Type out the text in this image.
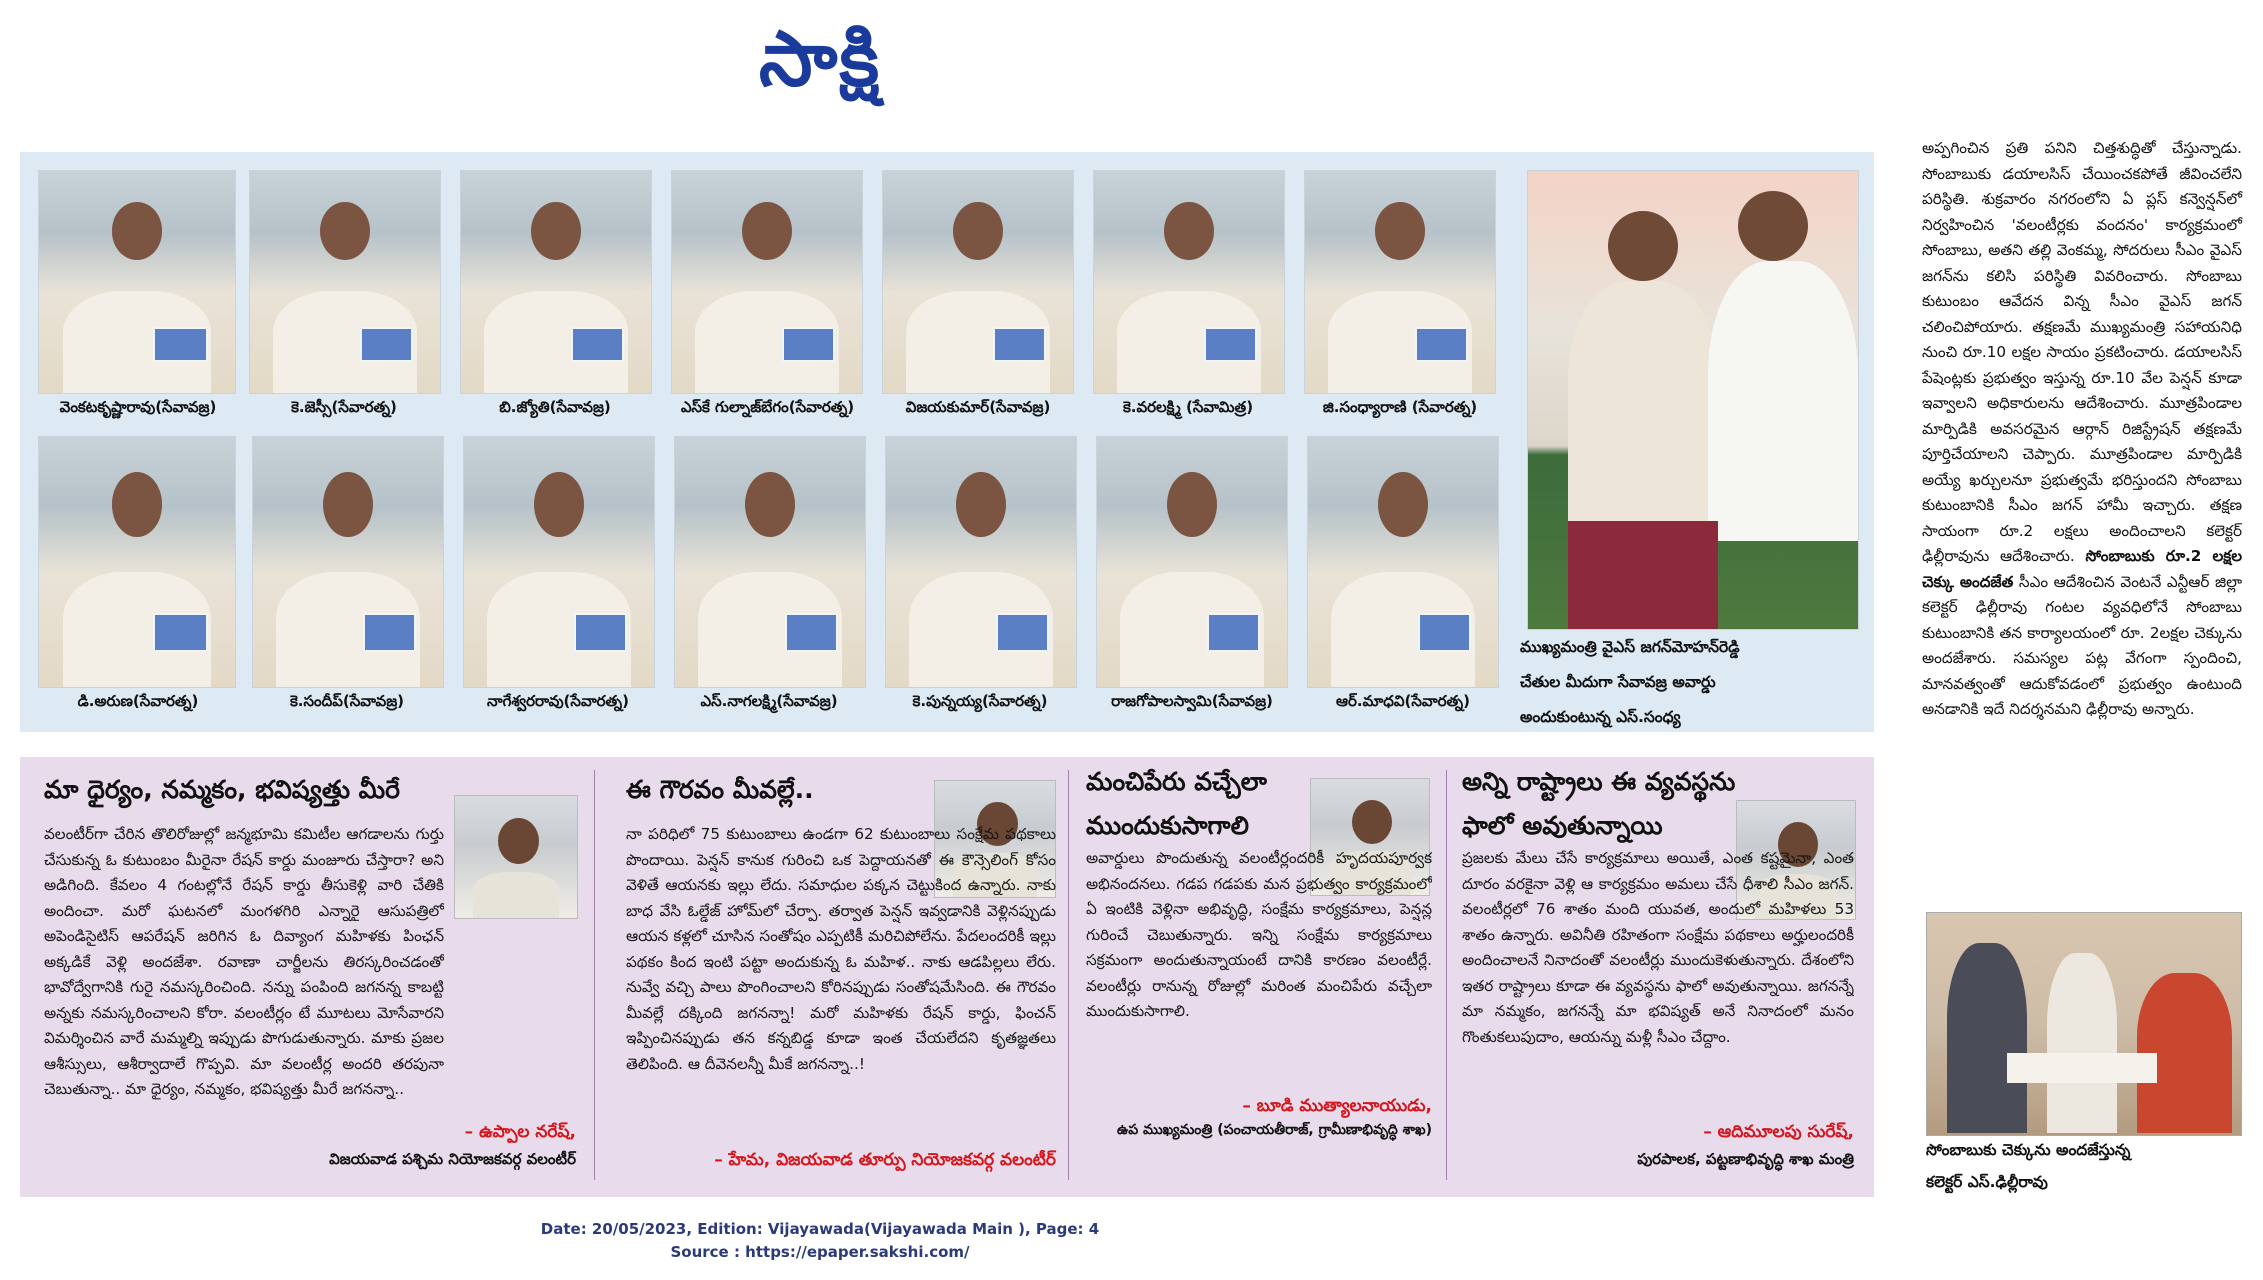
సాక్షి
వెంకటకృష్ణారావు(సేవావజ్ర)	కె.జెస్సీ(సేవారత్న)	బి.జ్యోతి(సేవావజ్ర)	ఎస్‌కే గుల్నాజ్‌బేగం(సేవారత్న)	విజయకుమార్(సేవావజ్ర)	కె.వరలక్ష్మి (సేవామిత్ర)	జి.సంధ్యారాణి (సేవారత్న)
డి.అరుణ(సేవారత్న)	కె.సందీప్(సేవావజ్ర)	నాగేశ్వరరావు(సేవారత్న)	ఎస్.నాగలక్ష్మి(సేవావజ్ర)	కె.పున్నయ్య(సేవారత్న)	రాజగోపాలస్వామి(సేవావజ్ర)	ఆర్.మాధవి(సేవారత్న)
ముఖ్యమంత్రి వైఎస్ జగన్‌మోహన్‌రెడ్డి
చేతుల మీదుగా సేవావజ్ర అవార్డు
అందుకుంటున్న ఎస్.సంధ్య
మా ధైర్యం, నమ్మకం, భవిష్యత్తు మీరే
వలంటీర్‌గా చేరిన తొలిరోజుల్లో జన్మభూమి కమిటీల ఆగడాలను గుర్తు చేసుకున్న ఓ కుటుంబం మీరైనా రేషన్ కార్డు మంజూరు చేస్తారా? అని అడిగింది. కేవలం 4 గంటల్లోనే రేషన్ కార్డు తీసుకెళ్లి వారి చేతికి అందించా. మరో ఘటనలో మంగళగిరి ఎన్నారై ఆసుపత్రిలో అపెండిసైటిస్ ఆపరేషన్ జరిగిన ఓ దివ్యాంగ మహిళకు పింఛన్ అక్కడికే వెళ్లి అందజేశా. రవాణా చార్జీలను తిరస్కరించడంతో భావోద్వేగానికి గురై నమస్కరించింది. నన్ను పంపింది జగనన్న కాబట్టి అన్నకు నమస్కరించాలని కోరా. వలంటీర్లం టే మూటలు మోసేవారని విమర్శించిన వారే మమ్మల్ని ఇప్పుడు పొగుడుతున్నారు. మాకు ప్రజల ఆశీస్సులు, ఆశీర్వాదాలే గొప్పవి. మా వలంటీర్ల అందరి తరపునా చెబుతున్నా.. మా ధైర్యం, నమ్మకం, భవిష్యత్తు మీరే జగనన్నా..
– ఉప్పాల నరేష్,
విజయవాడ పశ్చిమ నియోజకవర్గ వలంటీర్
ఈ గౌరవం మీవల్లే..
నా పరిధిలో 75 కుటుంబాలు ఉండగా 62 కుటుంబాలు సంక్షేమ పథకాలు పొందాయి. పెన్షన్ కానుక గురించి ఒక పెద్దాయనతో ఈ కౌన్సెలింగ్ కోసం వెళితే ఆయనకు ఇల్లు లేదు. సమాధుల పక్కన చెట్టుకింద ఉన్నారు. నాకు బాధ వేసి ఓల్డేజ్ హోమ్‌లో చేర్పా. తర్వాత పెన్షన్ ఇవ్వడానికి వెళ్లినప్పుడు ఆయన కళ్లలో చూసిన సంతోషం ఎప్పటికీ మరిచిపోలేను. పేదలందరికీ ఇల్లు పథకం కింద ఇంటి పట్టా అందుకున్న ఓ మహిళ.. నాకు ఆడపిల్లలు లేరు. నువ్వే వచ్చి పాలు పొంగించాలని కోరినప్పుడు సంతోషమేసింది. ఈ గౌరవం మీవల్లే దక్కింది జగనన్నా! మరో మహిళకు రేషన్ కార్డు, ఫించన్ ఇప్పించినప్పుడు తన కన్నబిడ్డ కూడా ఇంత చేయలేదని కృతజ్ఞతలు తెలిపింది. ఆ దీవెనలన్నీ మీకే జగనన్నా..!
– హేమ, విజయవాడ తూర్పు నియోజకవర్గ వలంటీర్
మంచిపేరు వచ్చేలా ముందుకుసాగాలి
అవార్డులు పొందుతున్న వలంటీర్లందరికీ హృదయపూర్వక అభినందనలు. గడప గడపకు మన ప్రభుత్వం కార్యక్రమంలో ఏ ఇంటికి వెళ్లినా అభివృద్ధి, సంక్షేమ కార్యక్రమాలు, పెన్షన్ల గురించే చెబుతున్నారు. ఇన్ని సంక్షేమ కార్యక్రమాలు సక్రమంగా అందుతున్నాయంటే దానికి కారణం వలంటీర్లే. వలంటీర్లు రానున్న రోజుల్లో మరింత మంచిపేరు వచ్చేలా ముందుకుసాగాలి.
– బూడి ముత్యాలనాయుడు,
ఉప ముఖ్యమంత్రి (పంచాయతీరాజ్, గ్రామీణాభివృద్ధి శాఖ)
అన్ని రాష్ట్రాలు ఈ వ్యవస్థను ఫాలో అవుతున్నాయి
ప్రజలకు మేలు చేసే కార్యక్రమాలు అయితే, ఎంత కష్టమైనా, ఎంత దూరం వరకైనా వెళ్లి ఆ కార్యక్రమం అమలు చేసే ధీశాలి సీఎం జగన్. వలంటీర్లలో 76 శాతం మంది యువత, అందులో మహిళలు 53 శాతం ఉన్నారు. అవినీతి రహితంగా సంక్షేమ పథకాలు అర్హులందరికీ అందించాలనే నినాదంతో వలంటీర్లు ముందుకెళుతున్నారు. దేశంలోని ఇతర రాష్ట్రాలు కూడా ఈ వ్యవస్థను ఫాలో అవుతున్నాయి. జగనన్నే మా నమ్మకం, జగనన్నే మా భవిష్యత్ అనే నినాదంలో మనం గొంతుకలుపుదాం, ఆయన్ను మళ్లీ సీఎం చేద్దాం.
– ఆదిమూలపు సురేష్,
పురపాలక, పట్టణాభివృద్ధి శాఖ మంత్రి
అప్పగించిన ప్రతి పనిని చిత్తశుద్ధితో చేస్తున్నాడు. సోంబాబుకు డయాలసిస్ చేయించకపోతే జీవించలేని పరిస్థితి. శుక్రవారం నగరంలోని ఏ ప్లస్ కన్వెన్షన్‌లో నిర్వహించిన 'వలంటీర్లకు వందనం' కార్యక్రమంలో సోంబాబు, అతని తల్లి వెంకమ్మ, సోదరులు సీఎం వైఎస్ జగన్‌ను కలిసి పరిస్థితి వివరించారు. సోంబాబు కుటుంబం ఆవేదన విన్న సీఎం వైఎస్ జగన్ చలించిపోయారు. తక్షణమే ముఖ్యమంత్రి సహాయనిధి నుంచి రూ.10 లక్షల సాయం ప్రకటించారు. డయాలసిస్ పేషెంట్లకు ప్రభుత్వం ఇస్తున్న రూ.10 వేల పెన్షన్ కూడా ఇవ్వాలని అధికారులను ఆదేశించారు. మూత్రపిండాల మార్పిడికి అవసరమైన ఆర్గాన్ రిజిస్ట్రేషన్ తక్షణమే పూర్తిచేయాలని చెప్పారు. మూత్రపిండాల మార్పిడికి అయ్యే ఖర్చులనూ ప్రభుత్వమే భరిస్తుందని సోంబాబు కుటుంబానికి సీఎం జగన్ హామీ ఇచ్చారు. తక్షణ సాయంగా రూ.2 లక్షలు అందించాలని కలెక్టర్ ఢిల్లీరావును ఆదేశించారు. సోంబాబుకు రూ.2 లక్షల చెక్కు అందజేత సీఎం ఆదేశించిన వెంటనే ఎన్టీఆర్ జిల్లా కలెక్టర్ ఢిల్లీరావు గంటల వ్యవధిలోనే సోంబాబు కుటుంబానికి తన కార్యాలయంలో రూ. 2లక్షల చెక్కును అందజేశారు. సమస్యల పట్ల వేగంగా స్పందించి, మానవత్వంతో ఆదుకోవడంలో ప్రభుత్వం ఉంటుంది అనడానికి ఇదే నిదర్శనమని ఢిల్లీరావు అన్నారు.
సోంబాబుకు చెక్కును అందజేస్తున్న
కలెక్టర్ ఎస్.ఢిల్లీరావు
Date: 20/05/2023, Edition: Vijayawada(Vijayawada Main ), Page: 4
Source : https://epaper.sakshi.com/
